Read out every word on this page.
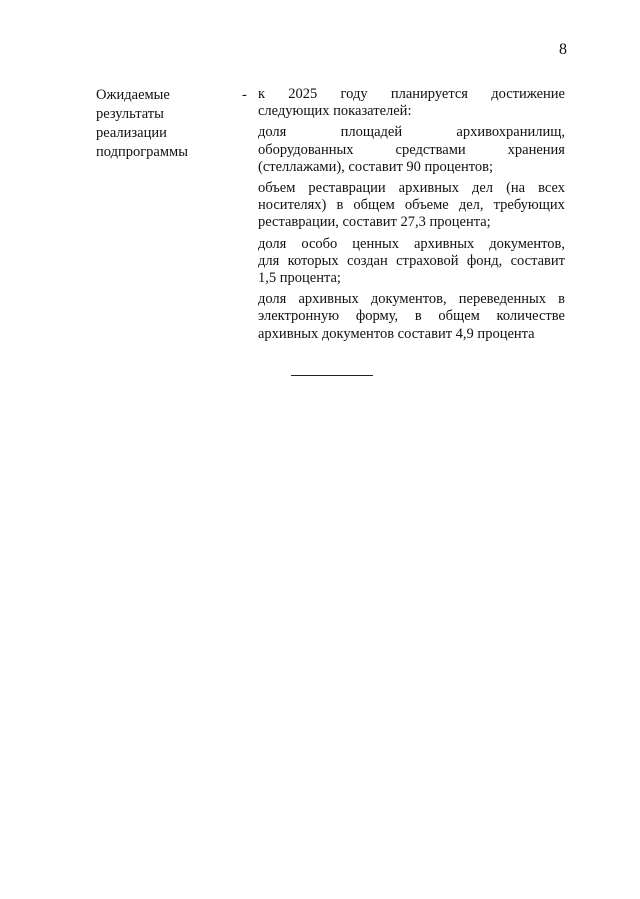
8
Ожидаемые
результаты
реализации
подпрограммы
- к 2025 году планируется достижение
следующих показателей:
доля	площадей	архивохранилищ,
оборудованных	средствами	хранения
(стеллажами), составит 90 процентов;
объем реставрации архивных дел (на всех
носителях) в общем объеме дел, требующих
реставрации, составит 27,3 процента;
доля особо ценных архивных документов,
для которых создан страховой фонд, составит
1,5 процента;
доля архивных документов, переведенных в
электронную форму, в общем количестве
архивных документов составит 4,9 процента
